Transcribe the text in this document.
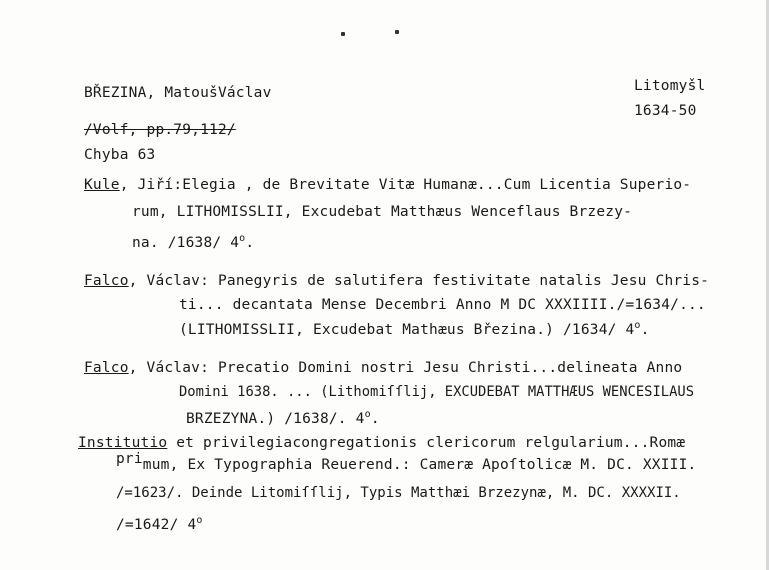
BŘEZINA, MatoušVáclav	Litomyšl
1634-50
/Volf, pp.79,112/
Chyba 63
Kule, Jiří:Elegia , de Brevitate Vitæ Humanæ...Cum Licentia Superio-
rum, LITHOMISSLII, Excudebat Matthæus Wenceflaus Brzezy-
na. /1638/ 4$^o$.
Falco, Václav: Panegyris de salutifera festivitate natalis Jesu Chris-
ti... decantata Mense Decembri Anno M DC XXXIIII./=1634/...
(LITHOMISSLII, Excudebat Mathæus Březina.) /1634/ 4$^o$.
Falco, Václav: Precatio Domini nostri Jesu Christi...delineata Anno
Domini 1638. ... (Lithomiſſlij, EXCUDEBAT MATTHÆUS WENCESILAUS
BRZEZYNA.) /1638/. 4$^o$.
Institutio et privilegiacongregationis clericorum relgularium...Romæ
primum, Ex Typographia Reuerend.: Cameræ Apoſtolicæ M. DC. XXIII.
/=1623/. Deinde Litomiſſlij, Typis Matthæi Brzezynæ, M. DC. XXXXII.
/=1642/ 4$^o$
